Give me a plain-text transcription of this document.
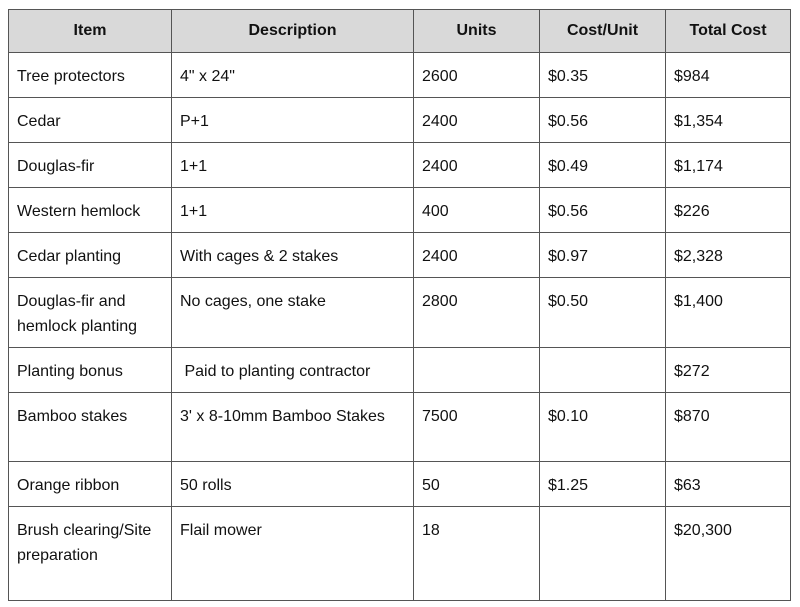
Item	Description	Units	Cost/Unit	Total Cost
Tree protectors	4" x 24"	2600	$0.35	$984
Cedar	P+1	2400	$0.56	$1,354
Douglas-fir	1+1	2400	$0.49	$1,174
Western hemlock	1+1	400	$0.56	$226
Cedar planting	With cages & 2 stakes	2400	$0.97	$2,328
Douglas-fir and hemlock planting	No cages, one stake	2800	$0.50	$1,400
Planting bonus	Paid to planting contractor			$272
Bamboo stakes	3' x 8-10mm Bamboo Stakes	7500	$0.10	$870
Orange ribbon	50 rolls	50	$1.25	$63
Brush clearing/Site preparation	Flail mower	18		$20,300
